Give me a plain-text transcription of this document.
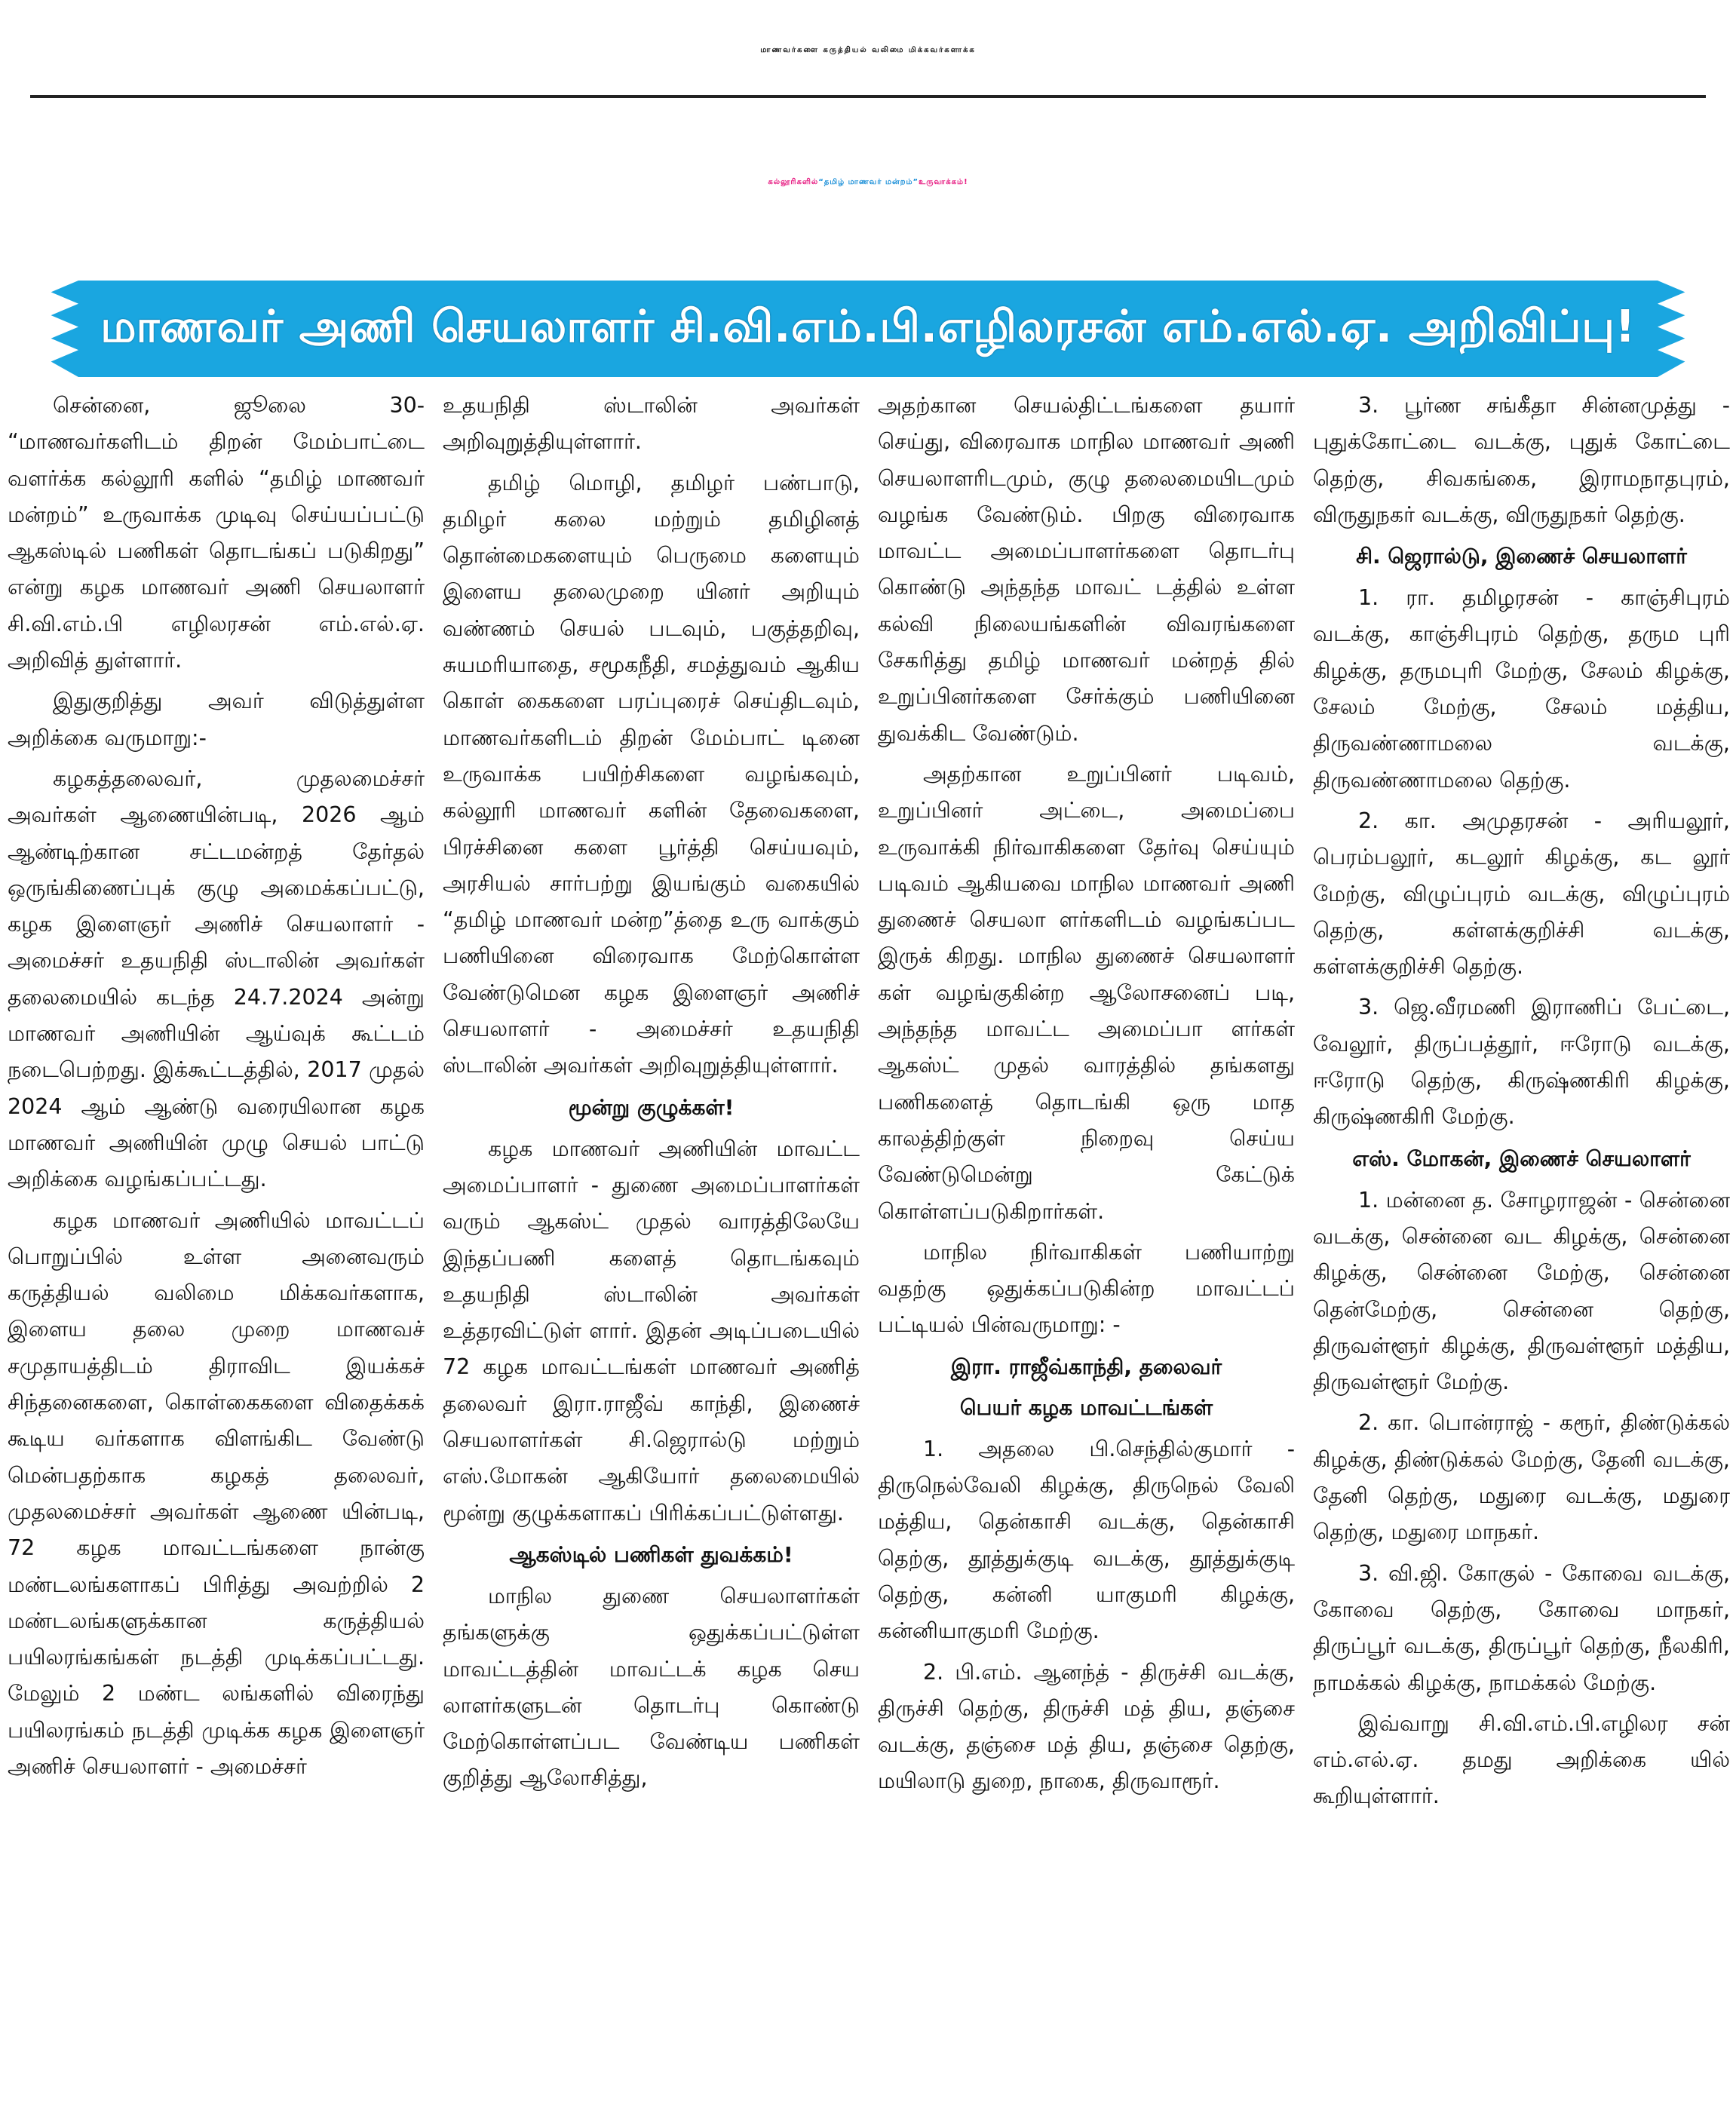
மாணவர்களை கருத்தியல் வலிமை மிக்கவர்களாக்க
கல்லூரிகளில் “தமிழ் மாணவர் மன்றம்” உருவாக்கம்!
மாணவர் அணி செயலாளர் சி.வி.எம்.பி.எழிலரசன் எம்.எல்.ஏ. அறிவிப்பு!

சென்னை, ஜூலை 30- “மாணவர்களிடம் திறன் மேம்பாட்டை வளர்க்க கல்லூரி களில் “தமிழ் மாணவர் மன்றம்” உருவாக்க முடிவு செய்யப்பட்டு ஆகஸ்டில் பணிகள் தொடங்கப் படுகிறது” என்று கழக மாணவர் அணி செயலாளர் சி.வி.எம்.பி எழிலரசன் எம்.எல்.ஏ. அறிவித் துள்ளார்.

இதுகுறித்து அவர் விடுத்துள்ள அறிக்கை வருமாறு:-

கழகத்தலைவர், முதலமைச்சர் அவர்கள் ஆணையின்படி, 2026 ஆம் ஆண்டிற்கான சட்டமன்றத் தேர்தல் ஒருங்கிணைப்புக் குழு அமைக்கப்பட்டு, கழக இளைஞர் அணிச் செயலாளர் - அமைச்சர் உதயநிதி ஸ்டாலின் அவர்கள் தலைமையில் கடந்த 24.7.2024 அன்று மாணவர் அணியின் ஆய்வுக் கூட்டம் நடைபெற்றது. இக்கூட்டத்தில், 2017 முதல் 2024 ஆம் ஆண்டு வரையிலான கழக மாணவர் அணியின் முழு செயல் பாட்டு அறிக்கை வழங்கப்பட்டது.

கழக மாணவர் அணியில் மாவட்டப் பொறுப்பில் உள்ள அனைவரும் கருத்தியல் வலிமை மிக்கவர்களாக, இளைய தலை முறை மாணவச் சமுதாயத்திடம் திராவிட இயக்கச் சிந்தனைகளை, கொள்கைகளை விதைக்கக் கூடிய வர்களாக விளங்கிட வேண்டு மென்பதற்காக கழகத் தலைவர், முதலமைச்சர் அவர்கள் ஆணை யின்படி, 72 கழக மாவட்டங்களை நான்கு மண்டலங்களாகப் பிரித்து அவற்றில் 2 மண்டலங்களுக்கான கருத்தியல் பயிலரங்கங்கள் நடத்தி முடிக்கப்பட்டது. மேலும் 2 மண்ட லங்களில் விரைந்து பயிலரங்கம் நடத்தி முடிக்க கழக இளைஞர் அணிச் செயலாளர் - அமைச்சர்

உதயநிதி ஸ்டாலின் அவர்கள் அறிவுறுத்தியுள்ளார்.

தமிழ் மொழி, தமிழர் பண்பாடு, தமிழர் கலை மற்றும் தமிழினத் தொன்மைகளையும் பெருமை களையும் இளைய தலைமுறை யினர் அறியும் வண்ணம் செயல் படவும், பகுத்தறிவு, சுயமரியாதை, சமூகநீதி, சமத்துவம் ஆகிய கொள் கைகளை பரப்புரைச் செய்திடவும், மாணவர்களிடம் திறன் மேம்பாட் டினை உருவாக்க பயிற்சிகளை வழங்கவும், கல்லூரி மாணவர் களின் தேவைகளை, பிரச்சினை களை பூர்த்தி செய்யவும், அரசியல் சார்பற்று இயங்கும் வகையில் “தமிழ் மாணவர் மன்ற”த்தை உரு வாக்கும் பணியினை விரைவாக மேற்கொள்ள வேண்டுமென கழக இளைஞர் அணிச் செயலாளர் - அமைச்சர் உதயநிதி ஸ்டாலின் அவர்கள் அறிவுறுத்தியுள்ளார்.

மூன்று குழுக்கள்!

கழக மாணவர் அணியின் மாவட்ட அமைப்பாளர் - துணை அமைப்பாளர்கள் வரும் ஆகஸ்ட் முதல் வாரத்திலேயே இந்தப்பணி களைத் தொடங்கவும் உதயநிதி ஸ்டாலின் அவர்கள் உத்தரவிட்டுள் ளார். இதன் அடிப்படையில் 72 கழக மாவட்டங்கள் மாணவர் அணித் தலைவர் இரா.ராஜீவ் காந்தி, இணைச் செயலாளர்கள் சி.ஜெரால்டு மற்றும் எஸ்.மோகன் ஆகியோர் தலைமையில் மூன்று குழுக்களாகப் பிரிக்கப்பட்டுள்ளது.

ஆகஸ்டில் பணிகள் துவக்கம்!

மாநில துணை செயலாளர்கள் தங்களுக்கு ஒதுக்கப்பட்டுள்ள மாவட்டத்தின் மாவட்டக் கழக செய லாளர்களுடன் தொடர்பு கொண்டு மேற்கொள்ளப்பட வேண்டிய பணிகள் குறித்து ஆலோசித்து,

அதற்கான செயல்திட்டங்களை தயார் செய்து, விரைவாக மாநில மாணவர் அணி செயலாளரிடமும், குழு தலைமையிடமும் வழங்க வேண்டும். பிறகு விரைவாக மாவட்ட அமைப்பாளர்களை தொடர்பு கொண்டு அந்தந்த மாவட் டத்தில் உள்ள கல்வி நிலையங்களின் விவரங்களை சேகரித்து தமிழ் மாணவர் மன்றத் தில் உறுப்பினர்களை சேர்க்கும் பணியினை துவக்கிட வேண்டும்.

அதற்கான உறுப்பினர் படிவம், உறுப்பினர் அட்டை, அமைப்பை உருவாக்கி நிர்வாகிகளை தேர்வு செய்யும் படிவம் ஆகியவை மாநில மாணவர் அணி துணைச் செயலா ளர்களிடம் வழங்கப்பட இருக் கிறது. மாநில துணைச் செயலாளர் கள் வழங்குகின்ற ஆலோசனைப் படி, அந்தந்த மாவட்ட அமைப்பா ளர்கள் ஆகஸ்ட் முதல் வாரத்தில் தங்களது பணிகளைத் தொடங்கி ஒரு மாத காலத்திற்குள் நிறைவு செய்ய வேண்டுமென்று கேட்டுக் கொள்ளப்படுகிறார்கள்.

மாநில நிர்வாகிகள் பணியாற்று வதற்கு ஒதுக்கப்படுகின்ற மாவட்டப் பட்டியல் பின்வருமாறு: -

இரா. ராஜீவ்காந்தி, தலைவர்
பெயர் கழக மாவட்டங்கள்

1. அதலை பி.செந்தில்குமார் - திருநெல்வேலி கிழக்கு, திருநெல் வேலி மத்திய, தென்காசி வடக்கு, தென்காசி தெற்கு, தூத்துக்குடி வடக்கு, தூத்துக்குடி தெற்கு, கன்னி யாகுமரி கிழக்கு, கன்னியாகுமரி மேற்கு.

2. பி.எம். ஆனந்த் - திருச்சி வடக்கு, திருச்சி தெற்கு, திருச்சி மத் திய, தஞ்சை வடக்கு, தஞ்சை மத் திய, தஞ்சை தெற்கு, மயிலாடு துறை, நாகை, திருவாரூர்.

3. பூர்ண சங்கீதா சின்னமுத்து - புதுக்கோட்டை வடக்கு, புதுக் கோட்டை தெற்கு, சிவகங்கை, இராமநாதபுரம், விருதுநகர் வடக்கு, விருதுநகர் தெற்கு.

சி. ஜெரால்டு, இணைச் செயலாளர்

1. ரா. தமிழரசன் - காஞ்சிபுரம் வடக்கு, காஞ்சிபுரம் தெற்கு, தரும புரி கிழக்கு, தருமபுரி மேற்கு, சேலம் கிழக்கு, சேலம் மேற்கு, சேலம் மத்திய, திருவண்ணாமலை வடக்கு, திருவண்ணாமலை தெற்கு.

2. கா. அமுதரசன் - அரியலூர், பெரம்பலூர், கடலூர் கிழக்கு, கட லூர் மேற்கு, விழுப்புரம் வடக்கு, விழுப்புரம் தெற்கு, கள்ளக்குறிச்சி வடக்கு, கள்ளக்குறிச்சி தெற்கு.

3. ஜெ.வீரமணி இராணிப் பேட்டை, வேலூர், திருப்பத்தூர், ஈரோடு வடக்கு, ஈரோடு தெற்கு, கிருஷ்ணகிரி கிழக்கு, கிருஷ்ணகிரி மேற்கு.

எஸ். மோகன், இணைச் செயலாளர்

1. மன்னை த. சோழராஜன் - சென்னை வடக்கு, சென்னை வட கிழக்கு, சென்னை கிழக்கு, சென்னை மேற்கு, சென்னை தென்மேற்கு, சென்னை தெற்கு, திருவள்ளூர் கிழக்கு, திருவள்ளூர் மத்திய, திருவள்ளூர் மேற்கு.

2. கா. பொன்ராஜ் - கரூர், திண்டுக்கல் கிழக்கு, திண்டுக்கல் மேற்கு, தேனி வடக்கு, தேனி தெற்கு, மதுரை வடக்கு, மதுரை தெற்கு, மதுரை மாநகர்.

3. வி.ஜி. கோகுல் - கோவை வடக்கு, கோவை தெற்கு, கோவை மாநகர், திருப்பூர் வடக்கு, திருப்பூர் தெற்கு, நீலகிரி, நாமக்கல் கிழக்கு, நாமக்கல் மேற்கு.

இவ்வாறு சி.வி.எம்.பி.எழிலர சன் எம்.எல்.ஏ. தமது அறிக்கை யில் கூறியுள்ளார்.
